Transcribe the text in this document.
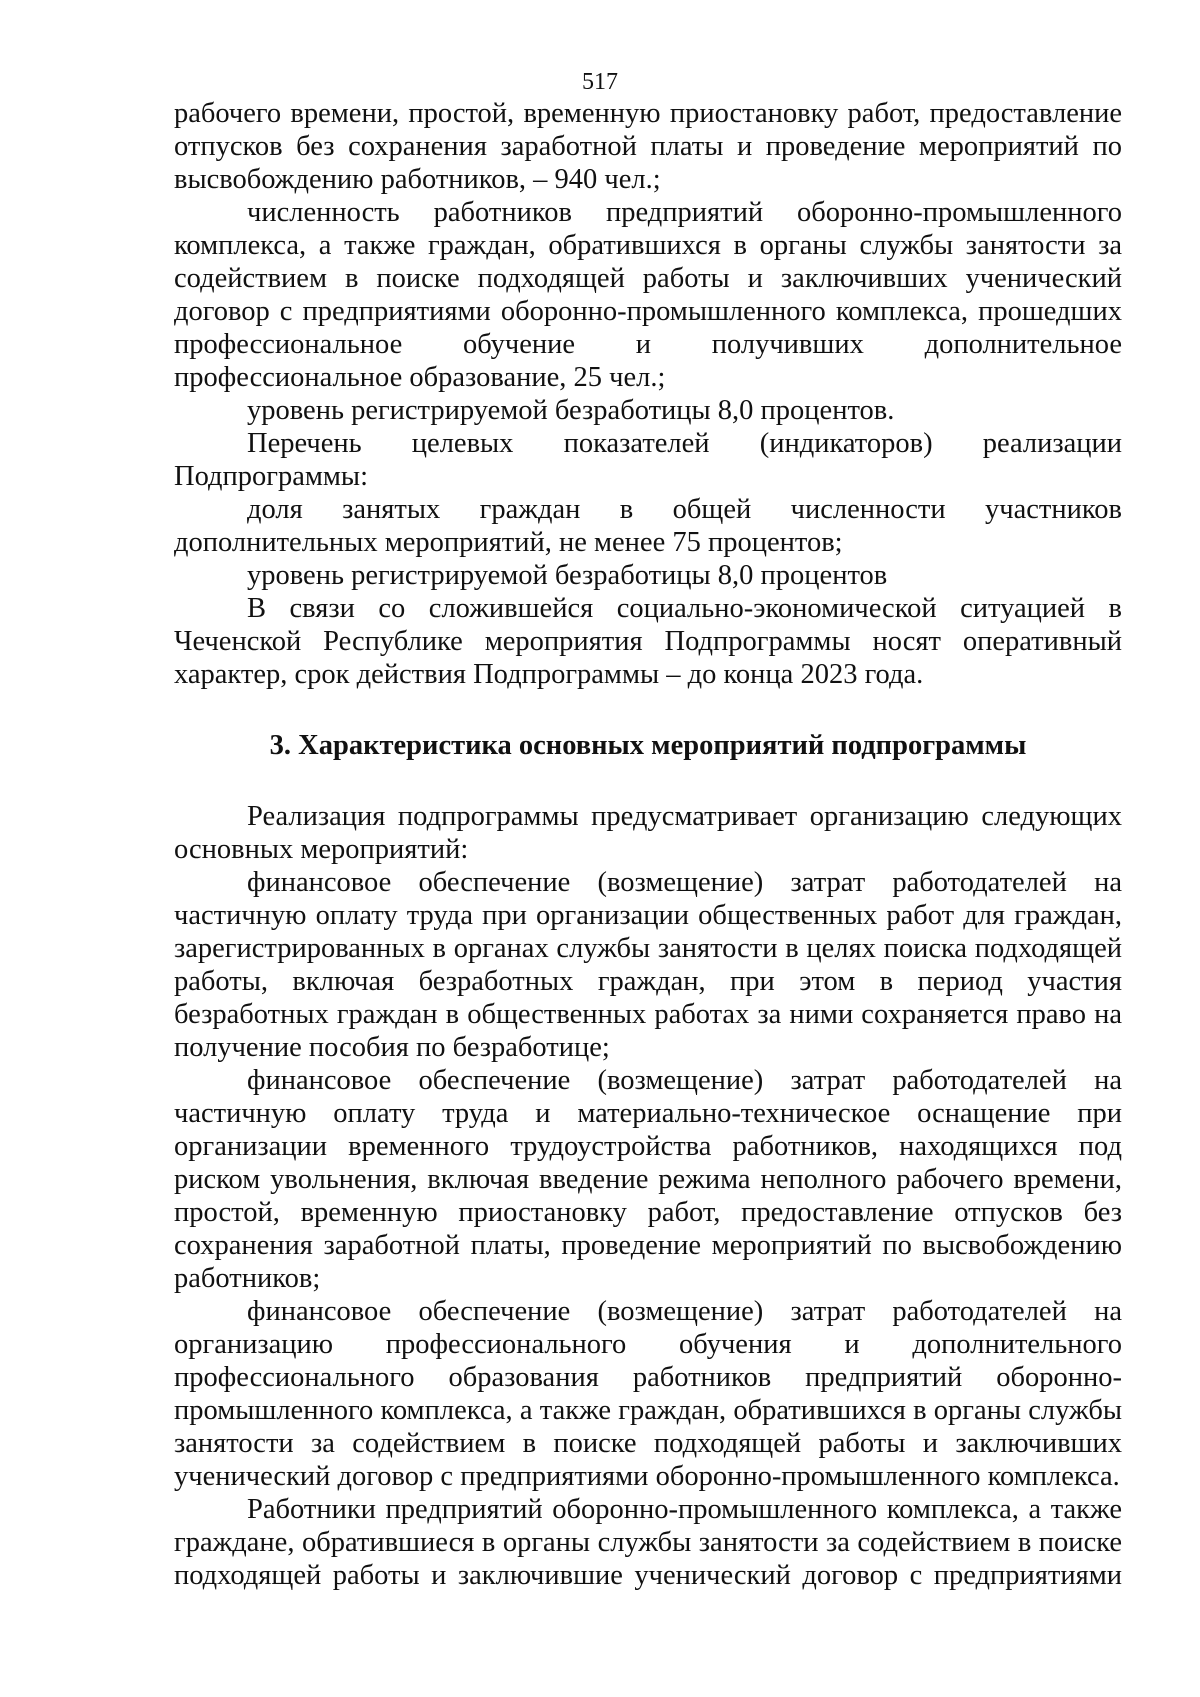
517

рабочего времени, простой, временную приостановку работ, предоставление отпусков без сохранения заработной платы и проведение мероприятий по высвобождению работников, – 940 чел.;

численность работников предприятий оборонно-промышленного комплекса, а также граждан, обратившихся в органы службы занятости за содействием в поиске подходящей работы и заключивших ученический договор с предприятиями оборонно-промышленного комплекса, прошедших профессиональное обучение и получивших дополнительное профессиональное образование, 25 чел.;

уровень регистрируемой безработицы 8,0 процентов.

Перечень целевых показателей (индикаторов) реализации Подпрограммы:

доля занятых граждан в общей численности участников дополнительных мероприятий, не менее 75 процентов;

уровень регистрируемой безработицы 8,0 процентов

В связи со сложившейся социально-экономической ситуацией в Чеченской Республике мероприятия Подпрограммы носят оперативный характер, срок действия Подпрограммы – до конца 2023 года.

3. Характеристика основных мероприятий подпрограммы

Реализация подпрограммы предусматривает организацию следующих основных мероприятий:

финансовое обеспечение (возмещение) затрат работодателей на частичную оплату труда при организации общественных работ для граждан, зарегистрированных в органах службы занятости в целях поиска подходящей работы, включая безработных граждан, при этом в период участия безработных граждан в общественных работах за ними сохраняется право на получение пособия по безработице;

финансовое обеспечение (возмещение) затрат работодателей на частичную оплату труда и материально-техническое оснащение при организации временного трудоустройства работников, находящихся под риском увольнения, включая введение режима неполного рабочего времени, простой, временную приостановку работ, предоставление отпусков без сохранения заработной платы, проведение мероприятий по высвобождению работников;

финансовое обеспечение (возмещение) затрат работодателей на организацию профессионального обучения и дополнительного профессионального образования работников предприятий оборонно-промышленного комплекса, а также граждан, обратившихся в органы службы занятости за содействием в поиске подходящей работы и заключивших ученический договор с предприятиями оборонно-промышленного комплекса.

Работники предприятий оборонно-промышленного комплекса, а также граждане, обратившиеся в органы службы занятости за содействием в поиске подходящей работы и заключившие ученический договор с предприятиями
